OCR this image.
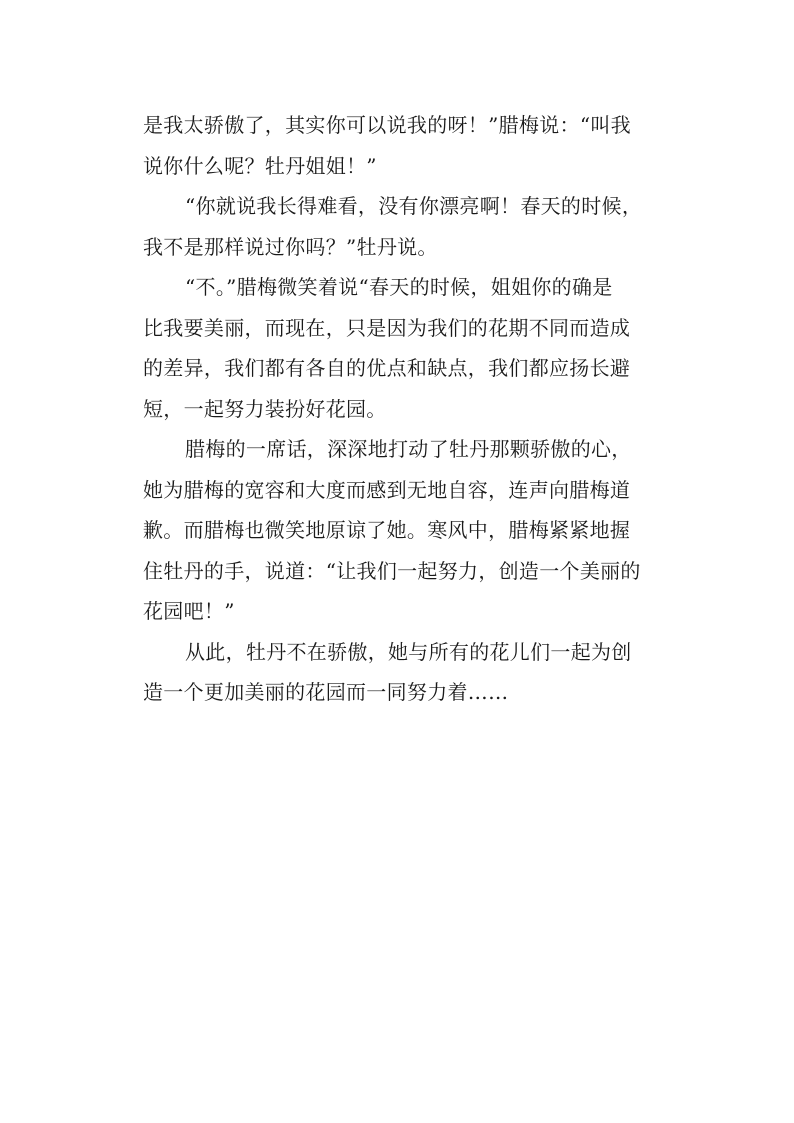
是我太骄傲了，其实你可以说我的呀！”腊梅说：“叫我
说你什么呢？牡丹姐姐！”
“你就说我长得难看，没有你漂亮啊！春天的时候，
我不是那样说过你吗？”牡丹说。
“不。”腊梅微笑着说“春天的时候，姐姐你的确是
比我要美丽，而现在，只是因为我们的花期不同而造成
的差异，我们都有各自的优点和缺点，我们都应扬长避
短，一起努力装扮好花园。
腊梅的一席话，深深地打动了牡丹那颗骄傲的心，
她为腊梅的宽容和大度而感到无地自容，连声向腊梅道
歉。而腊梅也微笑地原谅了她。寒风中，腊梅紧紧地握
住牡丹的手，说道：“让我们一起努力，创造一个美丽的
花园吧！”
从此，牡丹不在骄傲，她与所有的花儿们一起为创
造一个更加美丽的花园而一同努力着……
